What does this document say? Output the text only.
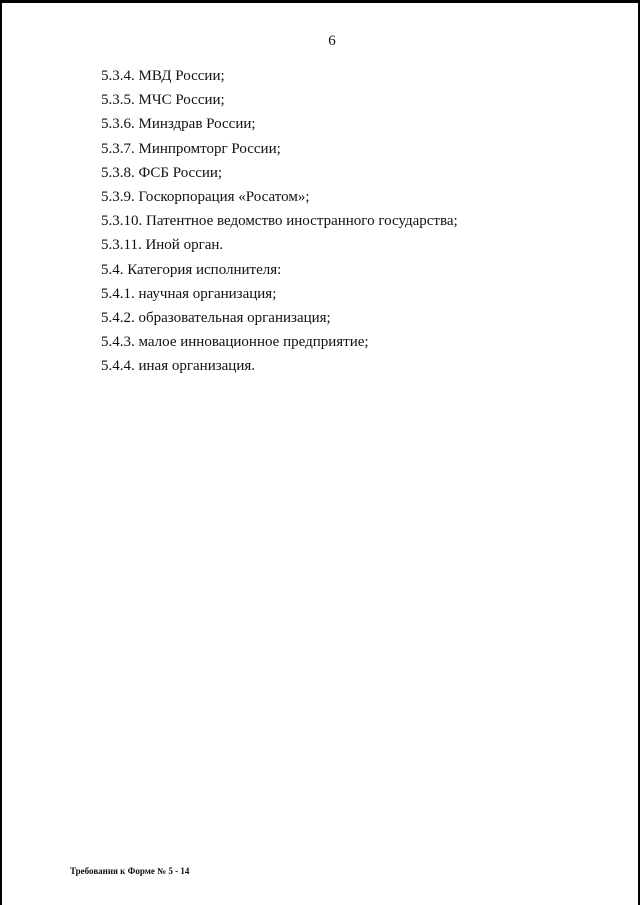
6
5.3.4. МВД России;
5.3.5. МЧС России;
5.3.6. Минздрав России;
5.3.7. Минпромторг России;
5.3.8. ФСБ России;
5.3.9. Госкорпорация «Росатом»;
5.3.10. Патентное ведомство иностранного государства;
5.3.11. Иной орган.
5.4. Категория исполнителя:
5.4.1. научная организация;
5.4.2. образовательная организация;
5.4.3. малое инновационное предприятие;
5.4.4. иная организация.
Требования к Форме № 5 - 14
